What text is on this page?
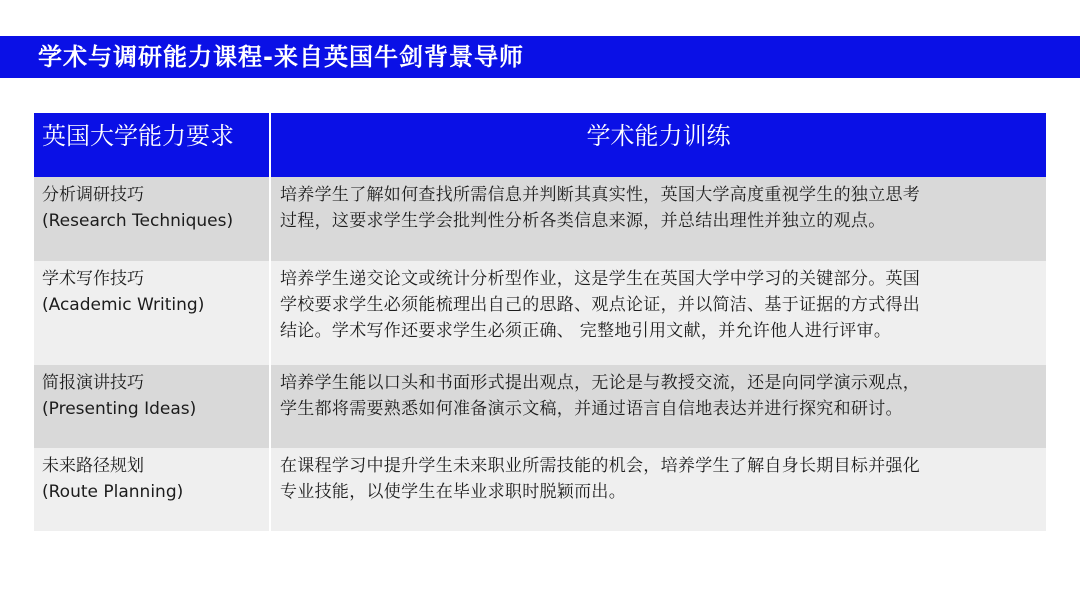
学术与调研能力课程-来自英国牛剑背景导师
英国大学能力要求	学术能力训练
分析调研技巧
(Research Techniques)
培养学生了解如何查找所需信息并判断其真实性，英国大学高度重视学生的独立思考
过程，这要求学生学会批判性分析各类信息来源，并总结出理性并独立的观点。
学术写作技巧
(Academic Writing)
培养学生递交论文或统计分析型作业，这是学生在英国大学中学习的关键部分。英国
学校要求学生必须能梳理出自己的思路、观点论证，并以简洁、基于证据的方式得出
结论。学术写作还要求学生必须正确、 完整地引用文献，并允许他人进行评审。
简报演讲技巧
(Presenting Ideas)
培养学生能以口头和书面形式提出观点，无论是与教授交流，还是向同学演示观点，
学生都将需要熟悉如何准备演示文稿，并通过语言自信地表达并进行探究和研讨。
未来路径规划
(Route Planning)
在课程学习中提升学生未来职业所需技能的机会，培养学生了解自身长期目标并强化
专业技能，以使学生在毕业求职时脱颖而出。
